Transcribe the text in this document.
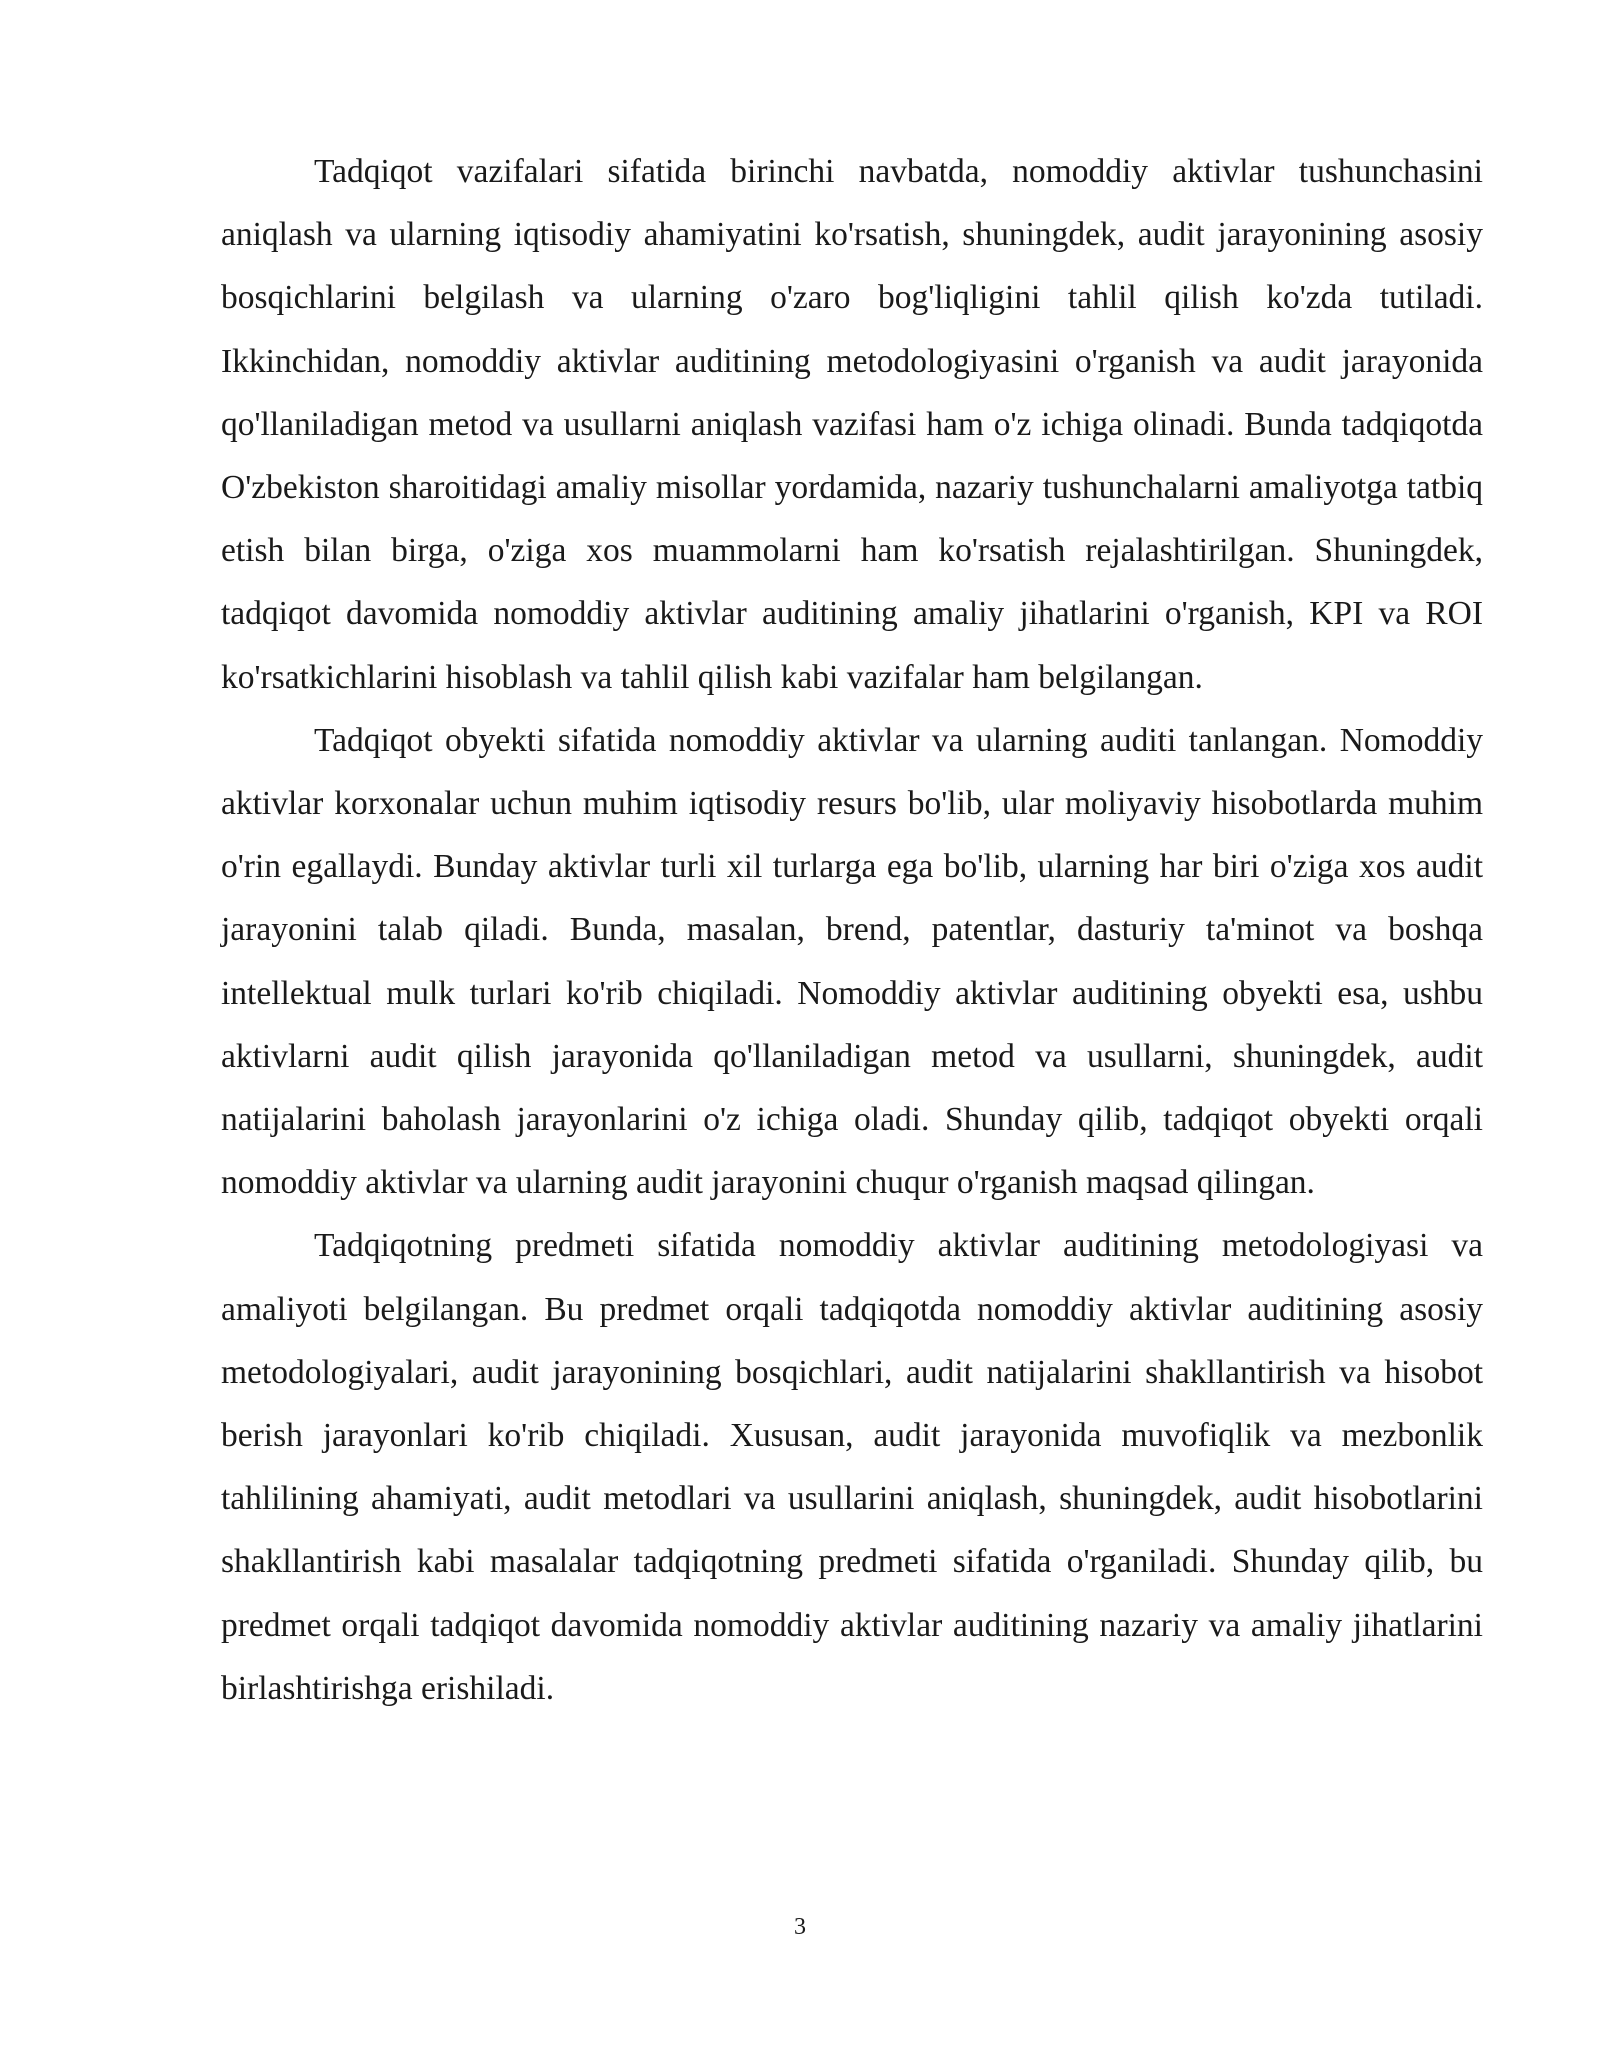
Tadqiqot vazifalari sifatida birinchi navbatda, nomoddiy aktivlar tushunchasini aniqlash va ularning iqtisodiy ahamiyatini ko'rsatish, shuningdek, audit jarayonining asosiy bosqichlarini belgilash va ularning o'zaro bog'liqligini tahlil qilish ko'zda tutiladi. Ikkinchidan, nomoddiy aktivlar auditining metodologiyasini o'rganish va audit jarayonida qo'llaniladigan metod va usullarni aniqlash vazifasi ham o'z ichiga olinadi. Bunda tadqiqotda O'zbekiston sharoitidagi amaliy misollar yordamida, nazariy tushunchalarni amaliyotga tatbiq etish bilan birga, o'ziga xos muammolarni ham ko'rsatish rejalashtirilgan. Shuningdek, tadqiqot davomida nomoddiy aktivlar auditining amaliy jihatlarini o'rganish, KPI va ROI ko'rsatkichlarini hisoblash va tahlil qilish kabi vazifalar ham belgilangan.

Tadqiqot obyekti sifatida nomoddiy aktivlar va ularning auditi tanlangan. Nomoddiy aktivlar korxonalar uchun muhim iqtisodiy resurs bo'lib, ular moliyaviy hisobotlarda muhim o'rin egallaydi. Bunday aktivlar turli xil turlarga ega bo'lib, ularning har biri o'ziga xos audit jarayonini talab qiladi. Bunda, masalan, brend, patentlar, dasturiy ta'minot va boshqa intellektual mulk turlari ko'rib chiqiladi. Nomoddiy aktivlar auditining obyekti esa, ushbu aktivlarni audit qilish jarayonida qo'llaniladigan metod va usullarni, shuningdek, audit natijalarini baholash jarayonlarini o'z ichiga oladi. Shunday qilib, tadqiqot obyekti orqali nomoddiy aktivlar va ularning audit jarayonini chuqur o'rganish maqsad qilingan.

Tadqiqotning predmeti sifatida nomoddiy aktivlar auditining metodologiyasi va amaliyoti belgilangan. Bu predmet orqali tadqiqotda nomoddiy aktivlar auditining asosiy metodologiyalari, audit jarayonining bosqichlari, audit natijalarini shakllantirish va hisobot berish jarayonlari ko'rib chiqiladi. Xususan, audit jarayonida muvofiqlik va mezbonlik tahlilining ahamiyati, audit metodlari va usullarini aniqlash, shuningdek, audit hisobotlarini shakllantirish kabi masalalar tadqiqotning predmeti sifatida o'rganiladi. Shunday qilib, bu predmet orqali tadqiqot davomida nomoddiy aktivlar auditining nazariy va amaliy jihatlarini birlashtirishga erishiladi.

3
